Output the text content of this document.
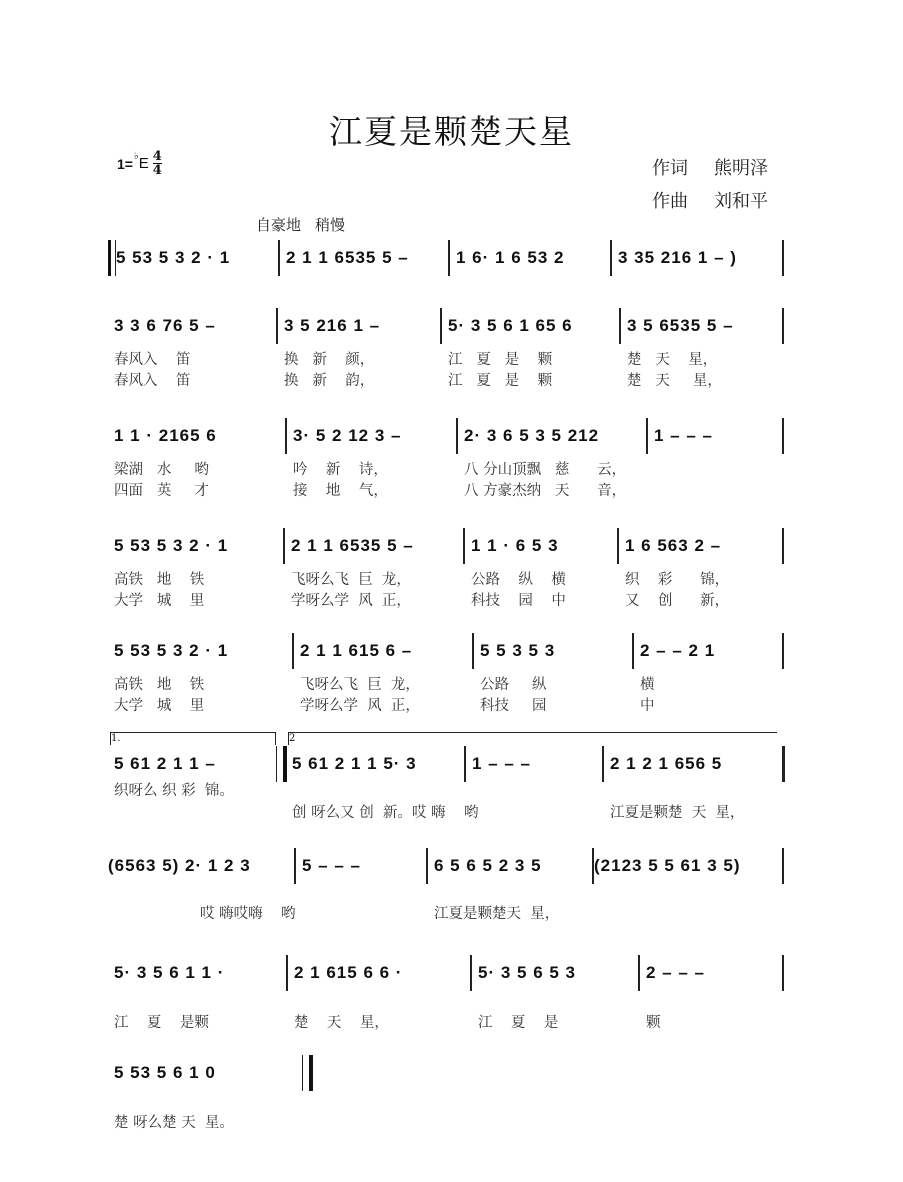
江夏是颗楚天星
1= ♭ E 4
4	作词 熊明泽
作曲 刘和平
自豪地 稍慢
5 53 5 3 2 · 1	2 1 1 6535 5 –	1 6· 1 6 53 2	3 35 216 1 – )
3 3 6 76 5 –
春风入    笛
春风入    笛
3 5 216 1 –
换   新    颜，
换   新    韵，
5· 3 5 6 1 65 6
江   夏   是    颗
江   夏   是    颗
3 5 6535 5 –
楚   天    星，
楚   天     星，
1 1 · 2165 6
梁湖   水     哟
四面   英     才
3· 5 2 12 3 –
吟    新    诗，
接    地    气，
2· 3 6 5 3 5 212
八 分山顶飘   慈      云，
八 方豪杰纳   天      音，
1 – – –
5 53 5 3 2 · 1
高铁   地    铁
大学   城    里
2 1 1 6535 5 –
飞呀么飞  巨  龙，
学呀么学  风  正，
1 1 · 6 5 3
公路    纵    横
科技    园    中
1 6 563 2 –
织    彩      锦，
又    创      新，
5 53 5 3 2 · 1
高铁   地    铁
大学   城    里
2 1 1 615 6 –
飞呀么飞  巨  龙，
学呀么学  风  正，
5 5 3 5 3
公路     纵
科技     园
2 – – 2 1
横
中
1.
5 61 2 1 1 –
织呀么 织 彩  锦。
2
5 61 2 1 1 5· 3
创 呀么又 创  新。哎 嗨    哟
1 – – –	2 1 2 1 656 5
江夏是颗楚  天  星，
(6563 5) 2· 1 2 3
哎 嗨哎嗨    哟
5 – – –	6 5 6 5 2 3 5
江夏是颗楚天  星，
(2123 5 5 61 3 5)
5· 3 5 6 1 1 ·
江    夏    是颗
2 1 615 6 6 ·
楚    天    星，
5· 3 5 6 5 3
江    夏    是
2 – – –
颗
5 53 5 6 1 0
楚 呀么楚 天  星。
